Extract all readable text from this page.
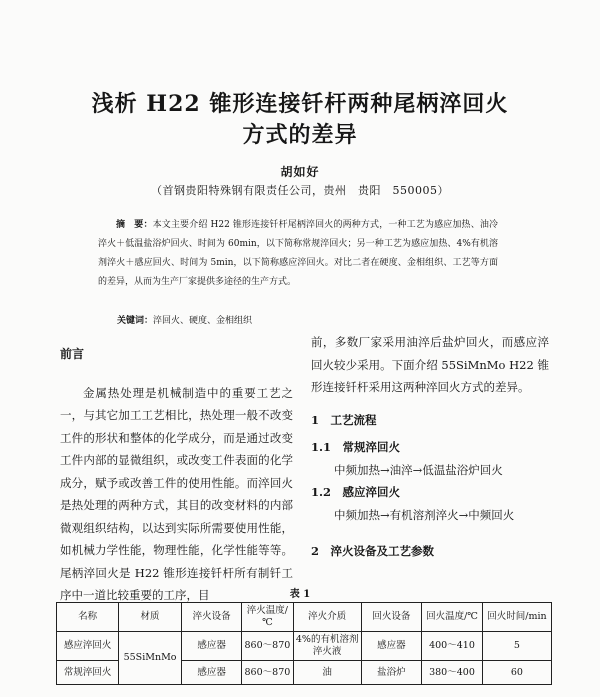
浅析 H22 锥形连接钎杆两种尾柄淬回火
方式的差异
胡如好
（首钢贵阳特殊钢有限责任公司，贵州　贵阳　550005）
摘　要：本文主要介绍 H22 锥形连接钎杆尾柄淬回火的两种方式，一种工艺为感应加热、油冷淬火＋低温盐浴炉回火、时间为 60min，以下简称常规淬回火；另一种工艺为感应加热、4%有机溶剂淬火＋感应回火、时间为 5min，以下简称感应淬回火。对比二者在硬度、金相组织、工艺等方面的差异，从而为生产厂家提供多途径的生产方式。
关键词：淬回火、硬度、金相组织
前言

金属热处理是机械制造中的重要工艺之一，与其它加工工艺相比，热处理一般不改变工件的形状和整体的化学成分，而是通过改变工件内部的显微组织，或改变工件表面的化学成分，赋予或改善工件的使用性能。而淬回火是热处理的两种方式，其目的改变材料的内部微观组织结构，以达到实际所需要使用性能，如机械力学性能，物理性能，化学性能等等。尾柄淬回火是 H22 锥形连接钎杆所有制钎工序中一道比较重要的工序，目

前，多数厂家采用油淬后盐炉回火，而感应淬回火较少采用。下面介绍 55SiMnMo H22 锥形连接钎杆采用这两种淬回火方式的差异。

1　工艺流程

1.1　常规淬回火

中频加热→油淬→低温盐浴炉回火

1.2　感应淬回火

中频加热→有机溶剂淬火→中频回火

2　淬火设备及工艺参数

表 1
名称	材质	淬火设备	淬火温度/℃	淬火介质	回火设备	回火温度/℃	回火时间/min
感应淬回火	55SiMnMo	感应器	860～870	4%的有机溶剂淬火液	感应器	400～410	5
常规淬回火		感应器	860～870	油	盐浴炉	380～400	60
